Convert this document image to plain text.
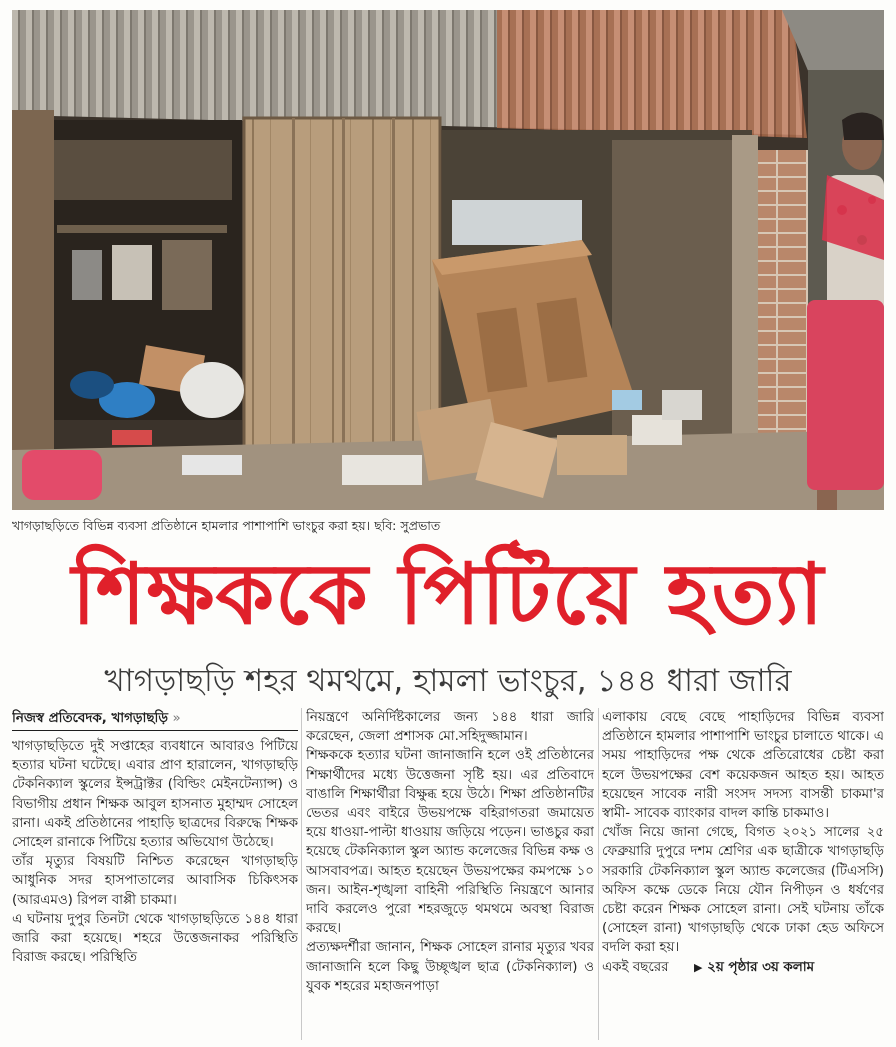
খাগড়াছড়িতে বিভিন্ন ব্যবসা প্রতিষ্ঠানে হামলার পাশাপাশি ভাংচুর করা হয়। ছবি: সুপ্রভাত
শিক্ষককে পিটিয়ে হত্যা
খাগড়াছড়ি শহর থমথমে, হামলা ভাংচুর, ১৪৪ ধারা জারি
নিজস্ব প্রতিবেদক, খাগড়াছড়ি »

খাগড়াছড়িতে দুই সপ্তাহের ব্যবধানে আবারও পিটিয়ে হত্যার ঘটনা ঘটেছে। এবার প্রাণ হারালেন, খাগড়াছড়ি টেকনিক্যাল স্কুলের ইন্সট্রাক্টর (বিল্ডিং মেইনটেন্যান্স) ও বিভাগীয় প্রধান শিক্ষক আবুল হাসনাত মুহাম্মদ সোহেল রানা। একই প্রতিষ্ঠানের পাহাড়ি ছাত্রদের বিরুদ্ধে শিক্ষক সোহেল রানাকে পিটিয়ে হত্যার অভিযোগ উঠেছে।

তাঁর মৃত্যুর বিষয়টি নিশ্চিত করেছেন খাগড়াছড়ি আধুনিক সদর হাসপাতালের আবাসিক চিকিৎসক (আরএমও) রিপল বাপ্পী চাকমা।

এ ঘটনায় দুপুর তিনটা থেকে খাগড়াছড়িতে ১৪৪ ধারা জারি করা হয়েছে। শহরে উত্তেজনাকর পরিস্থিতি বিরাজ করছে। পরিস্থিতি

নিয়ন্ত্রণে অনির্দিষ্টকালের জন্য ১৪৪ ধারা জারি করেছেন, জেলা প্রশাসক মো.সহিদুজ্জামান।

শিক্ষককে হত্যার ঘটনা জানাজানি হলে ওই প্রতিষ্ঠানের শিক্ষার্থীদের মধ্যে উত্তেজনা সৃষ্টি হয়। এর প্রতিবাদে বাঙালি শিক্ষার্থীরা বিক্ষুব্ধ হয়ে উঠে। শিক্ষা প্রতিষ্ঠানটির ভেতর এবং বাইরে উভয়পক্ষে বহিরাগতরা জমায়েত হয়ে ধাওয়া-পাল্টা ধাওয়ায় জড়িয়ে পড়েন। ভাঙচুর করা হয়েছে টেকনিক্যাল স্কুল অ্যান্ড কলেজের বিভিন্ন কক্ষ ও আসবাবপত্র। আহত হয়েছেন উভয়পক্ষের কমপক্ষে ১০ জন। আইন-শৃঙ্খলা বাহিনী পরিস্থিতি নিয়ন্ত্রণে আনার দাবি করলেও পুরো শহরজুড়ে থমথমে অবস্থা বিরাজ করছে।

প্রত্যক্ষদর্শীরা জানান, শিক্ষক সোহেল রানার মৃত্যুর খবর জানাজানি হলে কিছু উচ্ছৃঙ্খল ছাত্র (টেকনিক্যাল) ও যুবক শহরের মহাজনপাড়া

এলাকায় বেছে বেছে পাহাড়িদের বিভিন্ন ব্যবসা প্রতিষ্ঠানে হামলার পাশাপাশি ভাংচুর চালাতে থাকে। এ সময় পাহাড়িদের পক্ষ থেকে প্রতিরোধের চেষ্টা করা হলে উভয়পক্ষের বেশ কয়েকজন আহত হয়। আহত হয়েছেন সাবেক নারী সংসদ সদস্য বাসন্তী চাকমা'র স্বামী- সাবেক ব্যাংকার বাদল কান্তি চাকমাও।

খোঁজ নিয়ে জানা গেছে, বিগত ২০২১ সালের ২৫ ফেব্রুয়ারি দুপুরে দশম শ্রেণির এক ছাত্রীকে খাগড়াছড়ি সরকারি টেকনিক্যাল স্কুল অ্যান্ড কলেজের (টিএসসি) অফিস কক্ষে ডেকে নিয়ে যৌন নিপীড়ন ও ধর্ষণের চেষ্টা করেন শিক্ষক সোহেল রানা। সেই ঘটনায় তাঁকে (সোহেল রানা) খাগড়াছড়ি থেকে ঢাকা হেড অফিসে বদলি করা হয়।

একই বছরের ▶ ২য় পৃষ্ঠার ৩য় কলাম
